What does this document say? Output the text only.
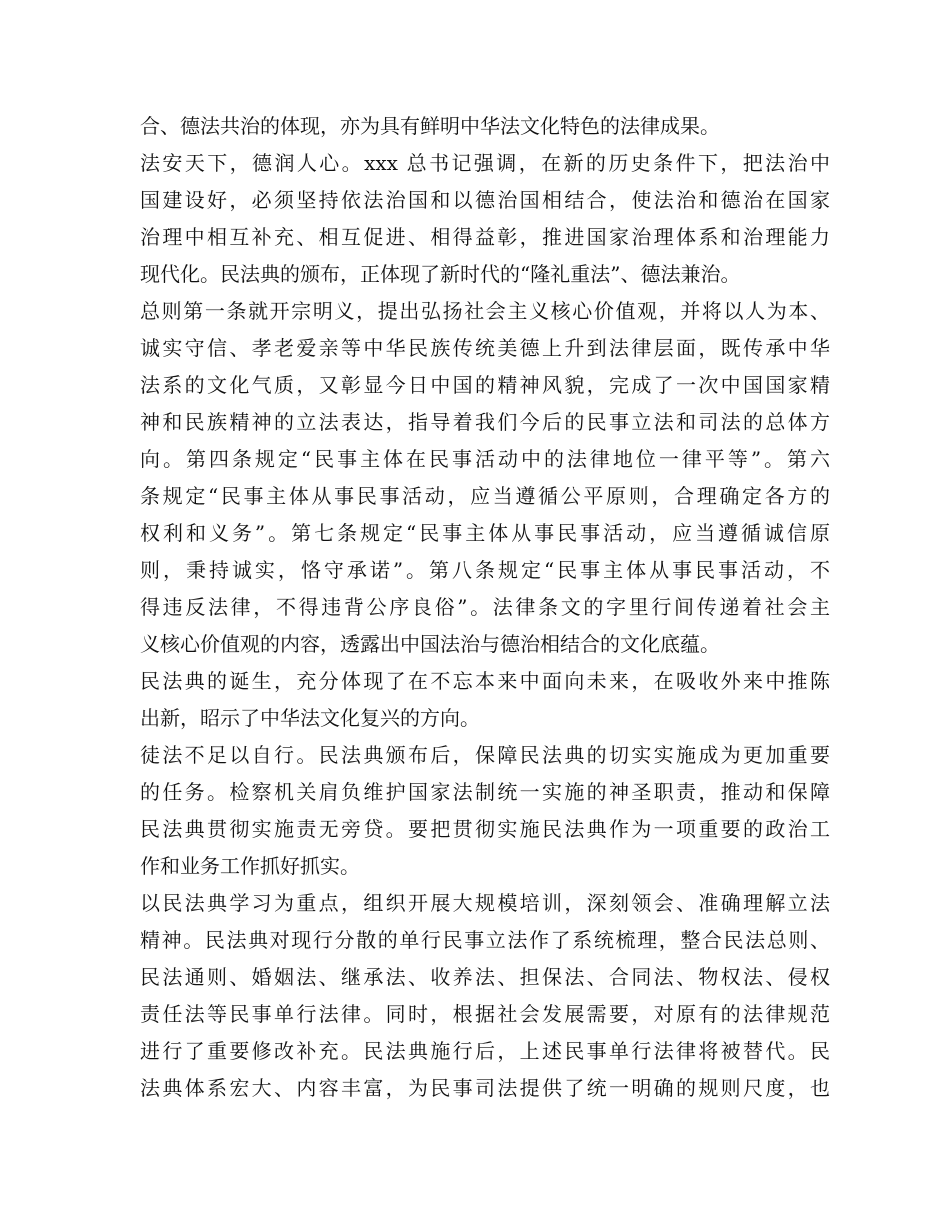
合、德法共治的体现，亦为具有鲜明中华法文化特色的法律成果。
法安天下，德润人心。xxx 总书记强调，在新的历史条件下，把法治中
国建设好，必须坚持依法治国和以德治国相结合，使法治和德治在国家
治理中相互补充、相互促进、相得益彰，推进国家治理体系和治理能力
现代化。民法典的颁布，正体现了新时代的“隆礼重法”、德法兼治。
总则第一条就开宗明义，提出弘扬社会主义核心价值观，并将以人为本、
诚实守信、孝老爱亲等中华民族传统美德上升到法律层面，既传承中华
法系的文化气质，又彰显今日中国的精神风貌，完成了一次中国国家精
神和民族精神的立法表达，指导着我们今后的民事立法和司法的总体方
向。第四条规定“民事主体在民事活动中的法律地位一律平等”。第六
条规定“民事主体从事民事活动，应当遵循公平原则，合理确定各方的
权利和义务”。第七条规定“民事主体从事民事活动，应当遵循诚信原
则，秉持诚实，恪守承诺”。第八条规定“民事主体从事民事活动，不
得违反法律，不得违背公序良俗”。法律条文的字里行间传递着社会主
义核心价值观的内容，透露出中国法治与德治相结合的文化底蕴。
民法典的诞生，充分体现了在不忘本来中面向未来，在吸收外来中推陈
出新，昭示了中华法文化复兴的方向。
徒法不足以自行。民法典颁布后，保障民法典的切实实施成为更加重要
的任务。检察机关肩负维护国家法制统一实施的神圣职责，推动和保障
民法典贯彻实施责无旁贷。要把贯彻实施民法典作为一项重要的政治工
作和业务工作抓好抓实。
以民法典学习为重点，组织开展大规模培训，深刻领会、准确理解立法
精神。民法典对现行分散的单行民事立法作了系统梳理，整合民法总则、
民法通则、婚姻法、继承法、收养法、担保法、合同法、物权法、侵权
责任法等民事单行法律。同时，根据社会发展需要，对原有的法律规范
进行了重要修改补充。民法典施行后，上述民事单行法律将被替代。民
法典体系宏大、内容丰富，为民事司法提供了统一明确的规则尺度，也
